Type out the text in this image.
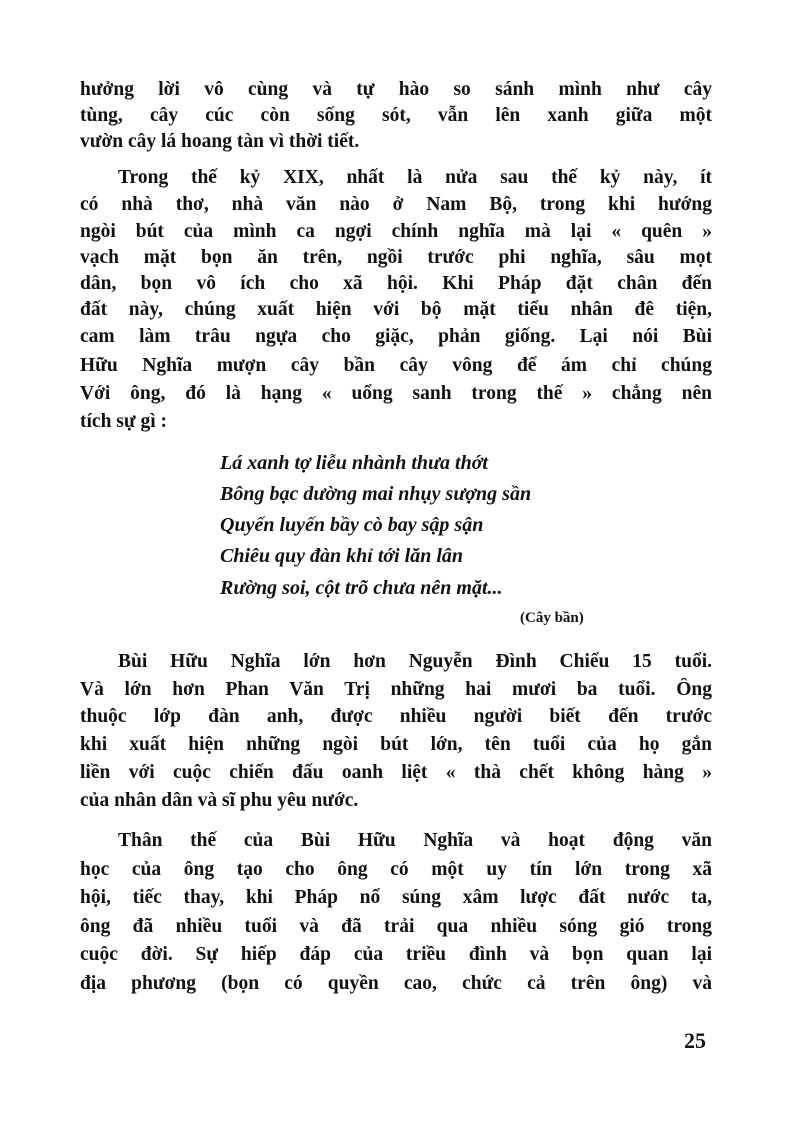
hưởng lời vô cùng và tự hào so sánh mình như cây
tùng, cây cúc còn sống sót, vẫn lên xanh giữa một
vườn cây lá hoang tàn vì thời tiết.
Trong thế kỷ XIX, nhất là nửa sau thế kỷ này, ít
có nhà thơ, nhà văn nào ở Nam Bộ, trong khi hướng
ngòi bút của mình ca ngợi chính nghĩa mà lại « quên »
vạch mặt bọn ăn trên, ngồi trước phi nghĩa, sâu mọt
dân, bọn vô ích cho xã hội. Khi Pháp đặt chân đến
đất này, chúng xuất hiện với bộ mặt tiểu nhân đê tiện,
cam làm trâu ngựa cho giặc, phản giống. Lại nói Bùi
Hữu Nghĩa mượn cây bần cây vông để ám chỉ chúng
Với ông, đó là hạng « uổng sanh trong thế » chẳng nên
tích sự gì :
Lá xanh tợ liễu nhành thưa thớt
Bông bạc dường mai nhụy sượng sần
Quyến luyến bầy cò bay sập sận
Chiêu quy đàn khỉ tới lăn lân
Rường soi, cột trõ chưa nên mặt...
(Cây bần)
Bùi Hữu Nghĩa lớn hơn Nguyễn Đình Chiểu 15 tuổi.
Và lớn hơn Phan Văn Trị những hai mươi ba tuổi. Ông
thuộc lớp đàn anh, được nhiều người biết đến trước
khi xuất hiện những ngòi bút lớn, tên tuổi của họ gắn
liền với cuộc chiến đấu oanh liệt « thà chết không hàng »
của nhân dân và sĩ phu yêu nước.
Thân thế của Bùi Hữu Nghĩa và hoạt động văn
học của ông tạo cho ông có một uy tín lớn trong xã
hội, tiếc thay, khi Pháp nổ súng xâm lược đất nước ta,
ông đã nhiều tuổi và đã trải qua nhiều sóng gió trong
cuộc đời. Sự hiếp đáp của triều đình và bọn quan lại
địa phương (bọn có quyền cao, chức cả trên ông) và
25
